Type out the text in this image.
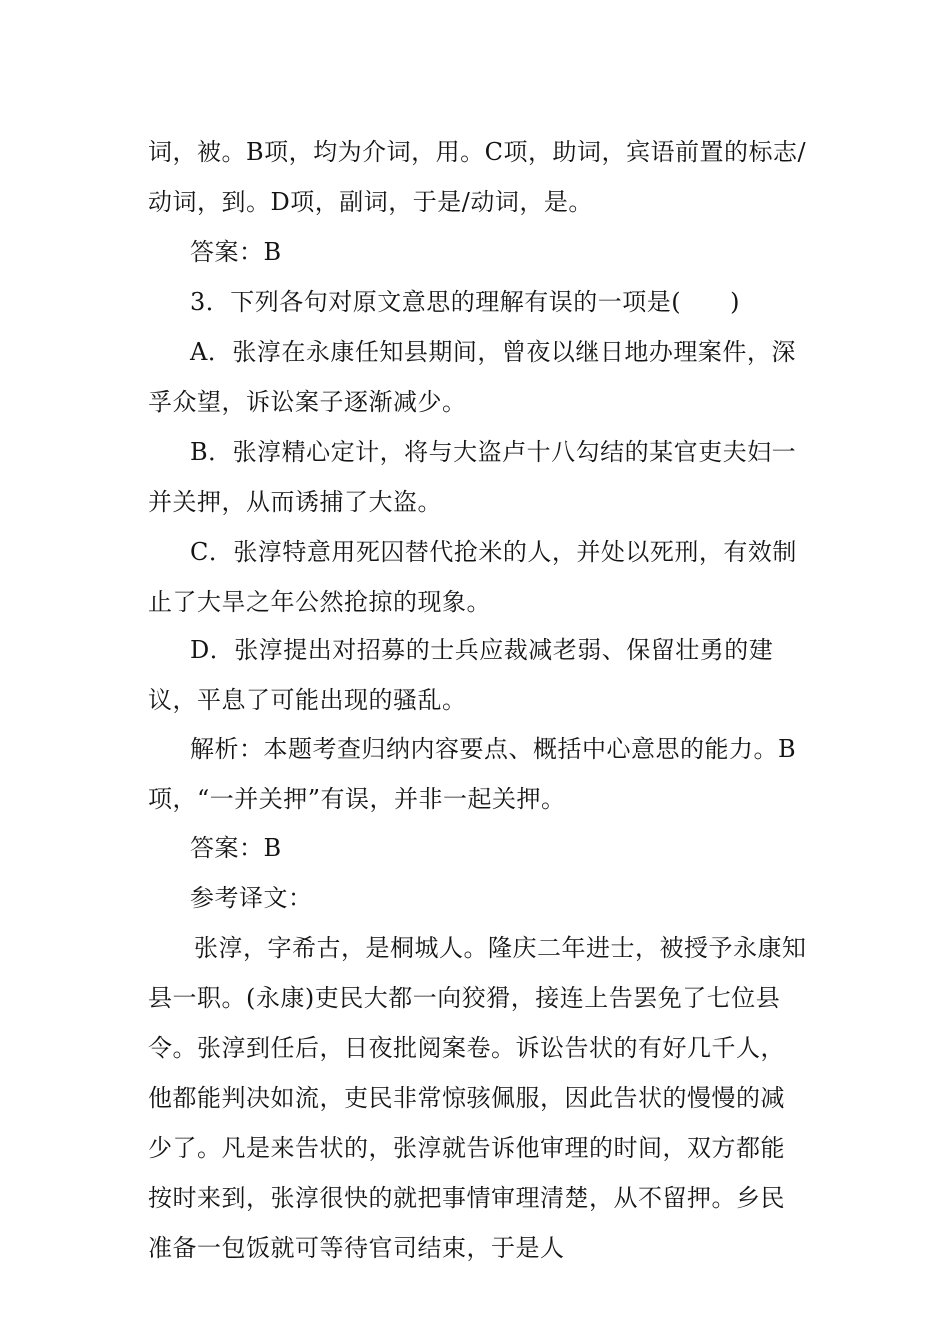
词，被。B项，均为介词，用。C项，助词，宾语前置的标志/动词，到。D项，副词，于是/动词，是。

答案：B

3．下列各句对原文意思的理解有误的一项是(　　)

A．张淳在永康任知县期间，曾夜以继日地办理案件，深孚众望，诉讼案子逐渐减少。

B．张淳精心定计，将与大盗卢十八勾结的某官吏夫妇一并关押，从而诱捕了大盗。

C．张淳特意用死囚替代抢米的人，并处以死刑，有效制止了大旱之年公然抢掠的现象。

D．张淳提出对招募的士兵应裁减老弱、保留壮勇的建议，平息了可能出现的骚乱。

解析：本题考查归纳内容要点、概括中心意思的能力。B项，“一并关押”有误，并非一起关押。

答案：B

参考译文：

张淳，字希古，是桐城人。隆庆二年进士，被授予永康知县一职。(永康)吏民大都一向狡猾，接连上告罢免了七位县令。张淳到任后，日夜批阅案卷。诉讼告状的有好几千人，他都能判决如流，吏民非常惊骇佩服，因此告状的慢慢的减少了。凡是来告状的，张淳就告诉他审理的时间，双方都能按时来到，张淳很快的就把事情审理清楚，从不留押。乡民准备一包饭就可等待官司结束，于是人
